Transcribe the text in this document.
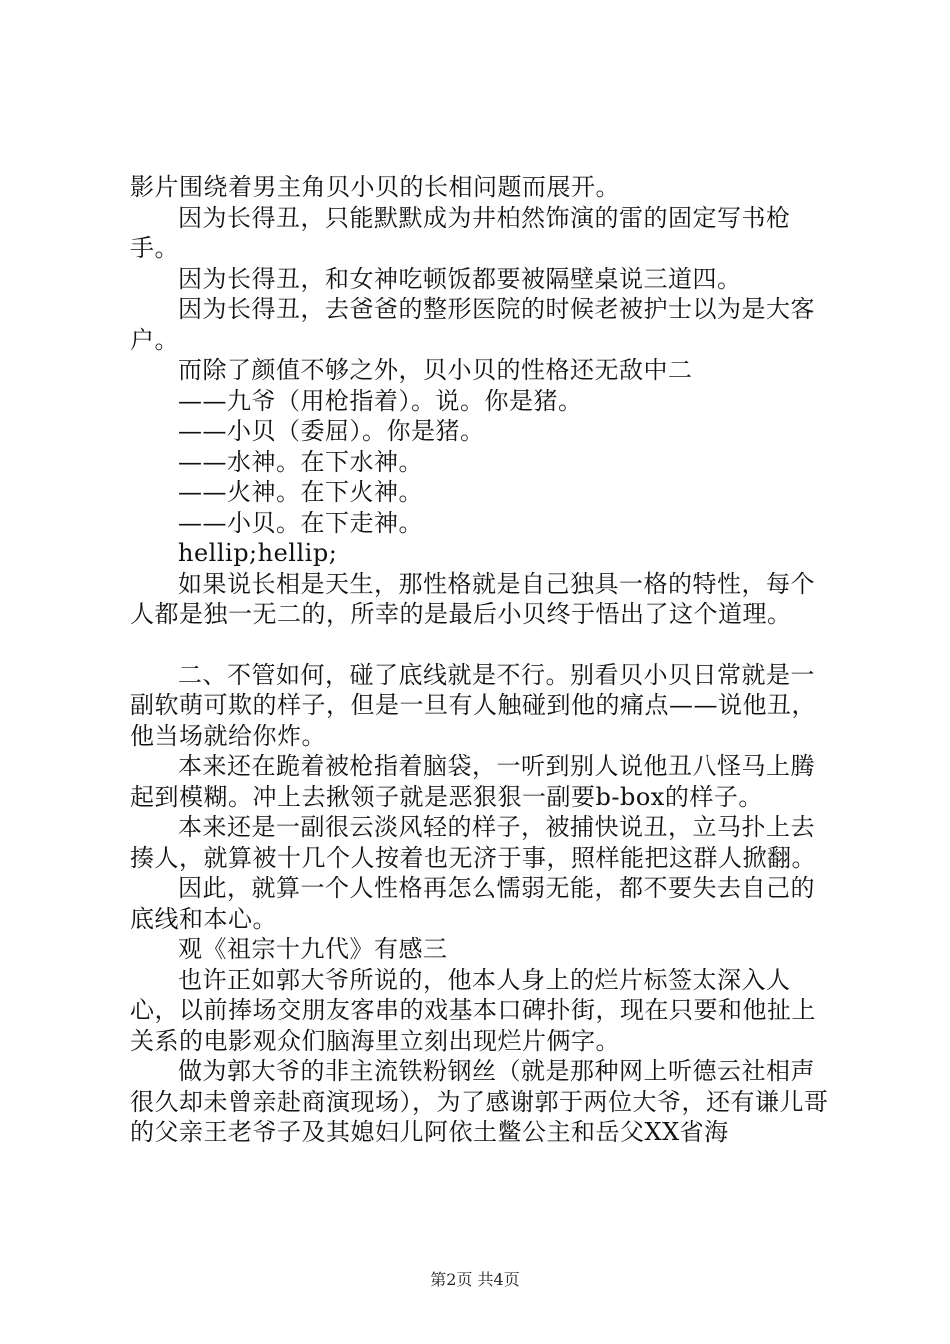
影片围绕着男主角贝小贝的长相问题而展开。

因为长得丑，只能默默成为井柏然饰演的雷的固定写书枪手。

因为长得丑，和女神吃顿饭都要被隔壁桌说三道四。

因为长得丑，去爸爸的整形医院的时候老被护士以为是大客户。

而除了颜值不够之外，贝小贝的性格还无敌中二

——九爷（用枪指着）。说。你是猪。

——小贝（委屈）。你是猪。

——水神。在下水神。

——火神。在下火神。

——小贝。在下走神。

hellip;hellip;

如果说长相是天生，那性格就是自己独具一格的特性，每个人都是独一无二的，所幸的是最后小贝终于悟出了这个道理。

二、不管如何，碰了底线就是不行。别看贝小贝日常就是一副软萌可欺的样子，但是一旦有人触碰到他的痛点——说他丑，他当场就给你炸。

本来还在跪着被枪指着脑袋，一听到别人说他丑八怪马上腾起到模糊。冲上去揪领子就是恶狠狠一副要b-box的样子。

本来还是一副很云淡风轻的样子，被捕快说丑，立马扑上去揍人，就算被十几个人按着也无济于事，照样能把这群人掀翻。

因此，就算一个人性格再怎么懦弱无能，都不要失去自己的底线和本心。

观《祖宗十九代》有感三

也许正如郭大爷所说的，他本人身上的烂片标签太深入人心，以前捧场交朋友客串的戏基本口碑扑街，现在只要和他扯上关系的电影观众们脑海里立刻出现烂片俩字。

做为郭大爷的非主流铁粉钢丝（就是那种网上听德云社相声很久却未曾亲赴商演现场），为了感谢郭于两位大爷，还有谦儿哥的父亲王老爷子及其媳妇儿阿依土鳖公主和岳父XX省海

第2页 共4页
